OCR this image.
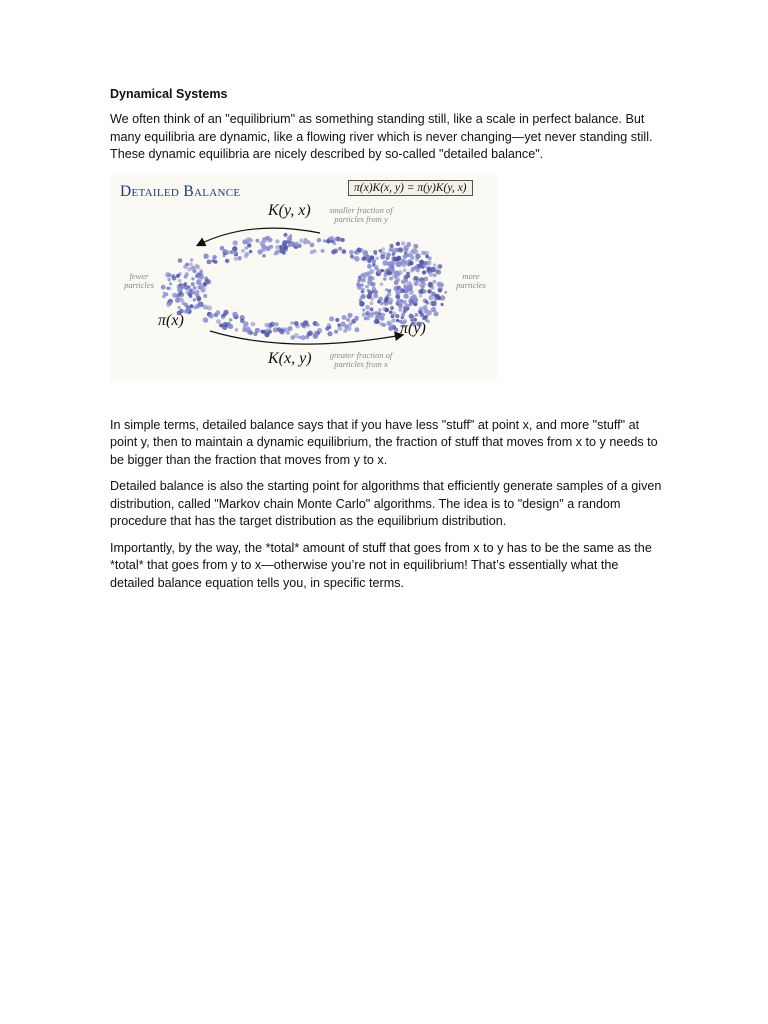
Dynamical Systems

We often think of an "equilibrium" as something standing still, like a scale in perfect balance. But many equilibria are dynamic, like a flowing river which is never changing—yet never standing still. These dynamic equilibria are nicely described by so-called "detailed balance".

Detailed Balance	π(x)K(x, y) = π(y)K(y, x)
K(y, x)	smaller fraction of
particles from y
fewer
particles
more
particles
π(x)	π(y)
K(x, y)	greater fraction of
particles from x

In simple terms, detailed balance says that if you have less "stuff" at point x, and more "stuff" at point y, then to maintain a dynamic equilibrium, the fraction of stuff that moves from x to y needs to be bigger than the fraction that moves from y to x.

Detailed balance is also the starting point for algorithms that efficiently generate samples of a given distribution, called "Markov chain Monte Carlo" algorithms. The idea is to "design" a random procedure that has the target distribution as the equilibrium distribution.

Importantly, by the way, the *total* amount of stuff that goes from x to y has to be the same as the *total* that goes from y to x—otherwise you’re not in equilibrium! That’s essentially what the detailed balance equation tells you, in specific terms.
